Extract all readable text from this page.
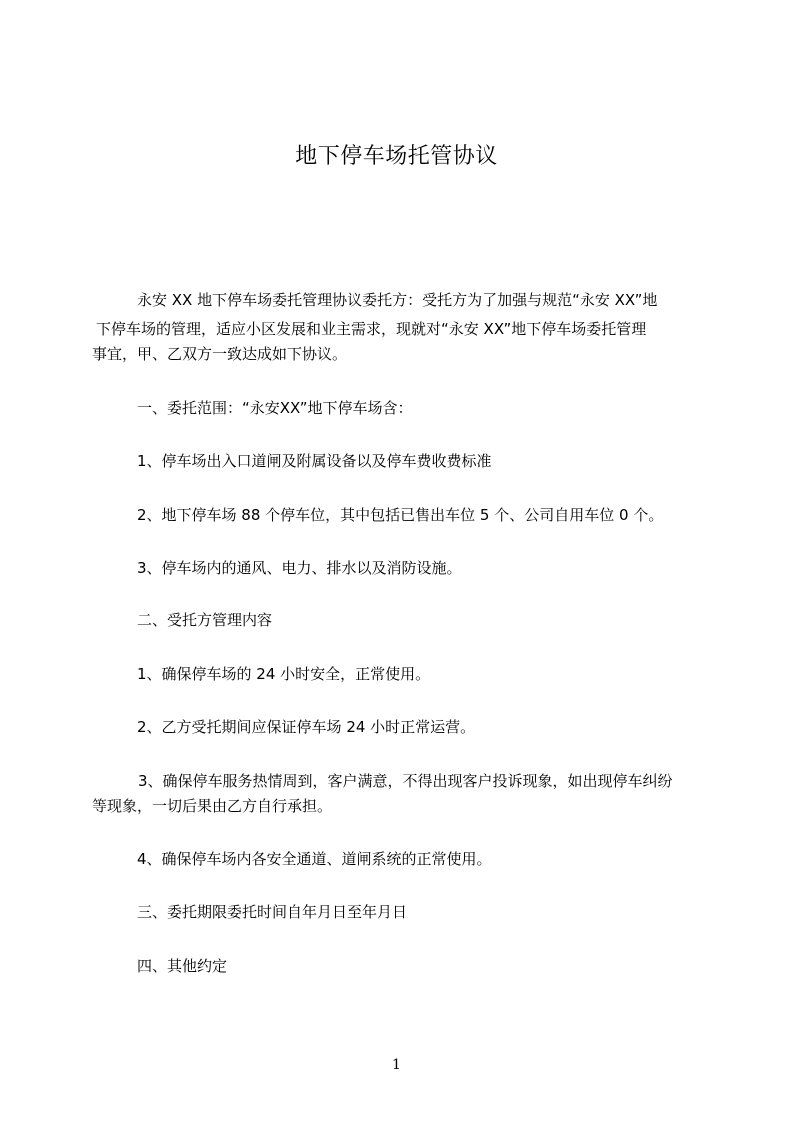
地下停车场托管协议
永安 XX 地下停车场委托管理协议委托方：受托方为了加强与规范“永安 XX”地
下停车场的管理，适应小区发展和业主需求，现就对“永安 XX”地下停车场委托管理
事宜，甲、乙双方一致达成如下协议。
一、委托范围：“永安XX”地下停车场含：
1、停车场出入口道闸及附属设备以及停车费收费标准
2、地下停车场 88 个停车位，其中包括已售出车位 5 个、公司自用车位 0 个。
3、停车场内的通风、电力、排水以及消防设施。
二、受托方管理内容
1、确保停车场的 24 小时安全，正常使用。
2、乙方受托期间应保证停车场 24 小时正常运营。
3、确保停车服务热情周到，客户满意，不得出现客户投诉现象，如出现停车纠纷
等现象，一切后果由乙方自行承担。
4、确保停车场内各安全通道、道闸系统的正常使用。
三、委托期限委托时间自年月日至年月日
四、其他约定
1
